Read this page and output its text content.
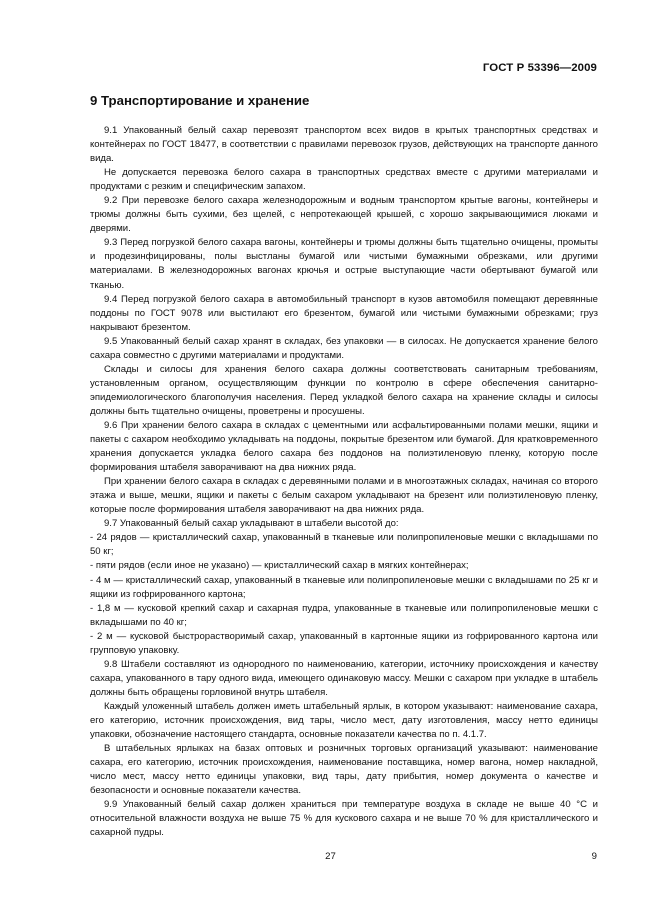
ГОСТ Р 53396—2009
9 Транспортирование и хранение

9.1 Упакованный белый сахар перевозят транспортом всех видов в крытых транспортных средствах и контейнерах по ГОСТ 18477, в соответствии с правилами перевозок грузов, действующих на транспорте данного вида.

Не допускается перевозка белого сахара в транспортных средствах вместе с другими материалами и продуктами с резким и специфическим запахом.

9.2 При перевозке белого сахара железнодорожным и водным транспортом крытые вагоны, контейнеры и трюмы должны быть сухими, без щелей, с непротекающей крышей, с хорошо закрывающимися люками и дверями.

9.3 Перед погрузкой белого сахара вагоны, контейнеры и трюмы должны быть тщательно очищены, промыты и продезинфицированы, полы выстланы бумагой или чистыми бумажными обрезками, или другими материалами. В железнодорожных вагонах крючья и острые выступающие части обертывают бумагой или тканью.

9.4 Перед погрузкой белого сахара в автомобильный транспорт в кузов автомобиля помещают деревянные поддоны по ГОСТ 9078 или выстилают его брезентом, бумагой или чистыми бумажными обрезками; груз накрывают брезентом.

9.5 Упакованный белый сахар хранят в складах, без упаковки — в силосах. Не допускается хранение белого сахара совместно с другими материалами и продуктами.

Склады и силосы для хранения белого сахара должны соответствовать санитарным требованиям, установленным органом, осуществляющим функции по контролю в сфере обеспечения санитарно-эпидемиологического благополучия населения. Перед укладкой белого сахара на хранение склады и силосы должны быть тщательно очищены, проветрены и просушены.

9.6 При хранении белого сахара в складах с цементными или асфальтированными полами мешки, ящики и пакеты с сахаром необходимо укладывать на поддоны, покрытые брезентом или бумагой. Для кратковременного хранения допускается укладка белого сахара без поддонов на полиэтиленовую пленку, которую после формирования штабеля заворачивают на два нижних ряда.

При хранении белого сахара в складах с деревянными полами и в многоэтажных складах, начиная со второго этажа и выше, мешки, ящики и пакеты с белым сахаром укладывают на брезент или полиэтиленовую пленку, которые после формирования штабеля заворачивают на два нижних ряда.

9.7 Упакованный белый сахар укладывают в штабели высотой до:

- 24 рядов — кристаллический сахар, упакованный в тканевые или полипропиленовые мешки с вкладышами по 50 кг;

- пяти рядов (если иное не указано) — кристаллический сахар в мягких контейнерах;

- 4 м — кристаллический сахар, упакованный в тканевые или полипропиленовые мешки с вкладышами по 25 кг и ящики из гофрированного картона;

- 1,8 м — кусковой крепкий сахар и сахарная пудра, упакованные в тканевые или полипропиленовые мешки с вкладышами по 40 кг;

- 2 м — кусковой быстрорастворимый сахар, упакованный в картонные ящики из гофрированного картона или групповую упаковку.

9.8 Штабели составляют из однородного по наименованию, категории, источнику происхождения и качеству сахара, упакованного в тару одного вида, имеющего одинаковую массу. Мешки с сахаром при укладке в штабель должны быть обращены горловиной внутрь штабеля.

Каждый уложенный штабель должен иметь штабельный ярлык, в котором указывают: наименование сахара, его категорию, источник происхождения, вид тары, число мест, дату изготовления, массу нетто единицы упаковки, обозначение настоящего стандарта, основные показатели качества по п. 4.1.7.

В штабельных ярлыках на базах оптовых и розничных торговых организаций указывают: наименование сахара, его категорию, источник происхождения, наименование поставщика, номер вагона, номер накладной, число мест, массу нетто единицы упаковки, вид тары, дату прибытия, номер документа о качестве и безопасности и основные показатели качества.

9.9 Упакованный белый сахар должен храниться при температуре воздуха в складе не выше 40 °С и относительной влажности воздуха не выше 75 % для кускового сахара и не выше 70 % для кристаллического и сахарной пудры.

27	9
